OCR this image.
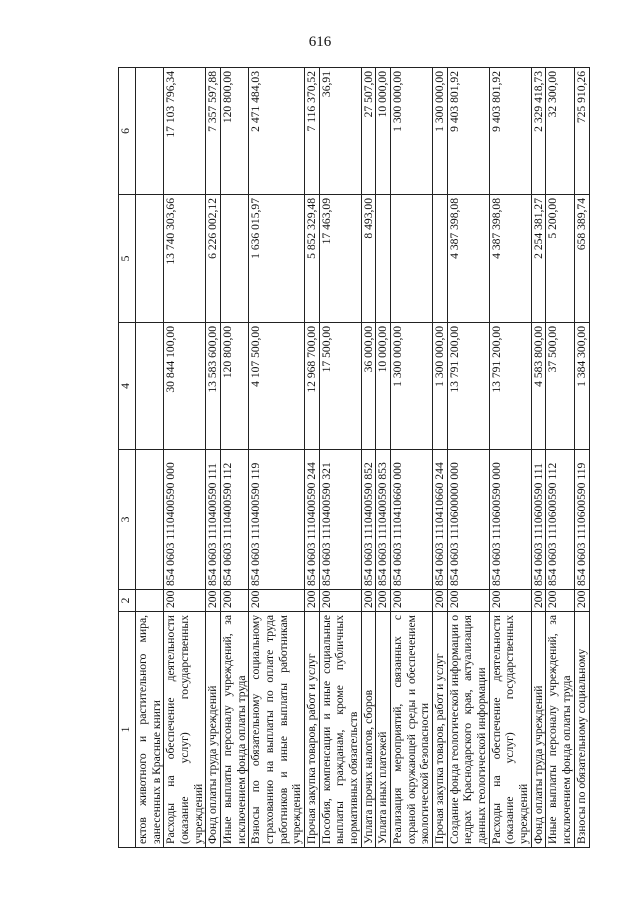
616
1	2	3	4	5	6
ектов животного и растительного мира, занесенных в Красные книги					
Расходы на обеспечение деятельности (оказание услуг) государственных учреждений	200	854 0603 1110400590 000	30 844 100,00	13 740 303,66	17 103 796,34
Фонд оплаты труда учреждений	200	854 0603 1110400590 111	13 583 600,00	6 226 002,12	7 357 597,88
Иные выплаты персоналу учреждений, за исключением фонда оплаты труда	200	854 0603 1110400590 112	120 800,00		120 800,00
Взносы по обязательному социальному страхованию на выплаты по оплате труда работников и иные выплаты работникам учреждений	200	854 0603 1110400590 119	4 107 500,00	1 636 015,97	2 471 484,03
Прочая закупка товаров, работ и услуг	200	854 0603 1110400590 244	12 968 700,00	5 852 329,48	7 116 370,52
Пособия, компенсации и иные социальные выплаты гражданам, кроме публичных нормативных обязательств	200	854 0603 1110400590 321	17 500,00	17 463,09	36,91
Уплата прочих налогов, сборов	200	854 0603 1110400590 852	36 000,00	8 493,00	27 507,00
Уплата иных платежей	200	854 0603 1110400590 853	10 000,00		10 000,00
Реализация мероприятий, связанных с охраной окружающей среды и обеспечением экологической безопасности	200	854 0603 1110410660 000	1 300 000,00		1 300 000,00
Прочая закупка товаров, работ и услуг	200	854 0603 1110410660 244	1 300 000,00		1 300 000,00
Создание фонда геологической информации о недрах Краснодарского края, актуализация данных геологической информации	200	854 0603 1110600000 000	13 791 200,00	4 387 398,08	9 403 801,92
Расходы на обеспечение деятельности (оказание услуг) государственных учреждений	200	854 0603 1110600590 000	13 791 200,00	4 387 398,08	9 403 801,92
Фонд оплаты труда учреждений	200	854 0603 1110600590 111	4 583 800,00	2 254 381,27	2 329 418,73
Иные выплаты персоналу учреждений, за исключением фонда оплаты труда	200	854 0603 1110600590 112	37 500,00	5 200,00	32 300,00
Взносы по обязательному социальному	200	854 0603 1110600590 119	1 384 300,00	658 389,74	725 910,26
